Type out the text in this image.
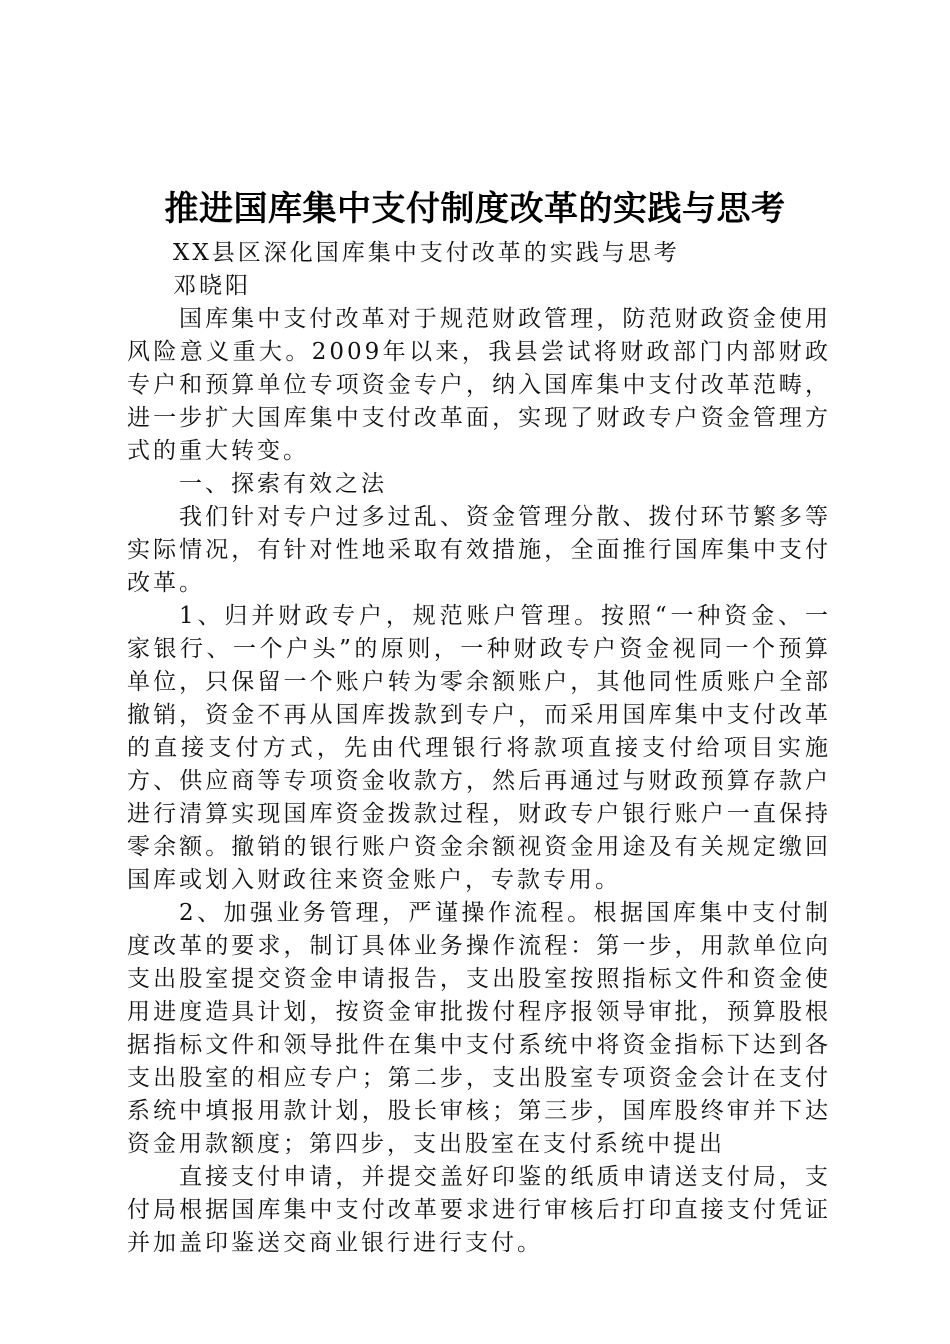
推进国库集中支付制度改革的实践与思考

XX县区深化国库集中支付改革的实践与思考

邓晓阳

国库集中支付改革对于规范财政管理，防范财政资金使用风险意义重大。2009年以来，我县尝试将财政部门内部财政专户和预算单位专项资金专户，纳入国库集中支付改革范畴，进一步扩大国库集中支付改革面，实现了财政专户资金管理方式的重大转变。

一、探索有效之法

我们针对专户过多过乱、资金管理分散、拨付环节繁多等实际情况，有针对性地采取有效措施，全面推行国库集中支付改革。

1、归并财政专户，规范账户管理。按照“一种资金、一家银行、一个户头”的原则，一种财政专户资金视同一个预算单位，只保留一个账户转为零余额账户，其他同性质账户全部撤销，资金不再从国库拨款到专户，而采用国库集中支付改革的直接支付方式，先由代理银行将款项直接支付给项目实施方、供应商等专项资金收款方，然后再通过与财政预算存款户进行清算实现国库资金拨款过程，财政专户银行账户一直保持零余额。撤销的银行账户资金余额视资金用途及有关规定缴回国库或划入财政往来资金账户，专款专用。

2、加强业务管理，严谨操作流程。根据国库集中支付制度改革的要求，制订具体业务操作流程：第一步，用款单位向支出股室提交资金申请报告，支出股室按照指标文件和资金使用进度造具计划，按资金审批拨付程序报领导审批，预算股根据指标文件和领导批件在集中支付系统中将资金指标下达到各支出股室的相应专户；第二步，支出股室专项资金会计在支付系统中填报用款计划，股长审核；第三步，国库股终审并下达资金用款额度；第四步，支出股室在支付系统中提出

直接支付申请，并提交盖好印鉴的纸质申请送支付局，支付局根据国库集中支付改革要求进行审核后打印直接支付凭证并加盖印鉴送交商业银行进行支付。
